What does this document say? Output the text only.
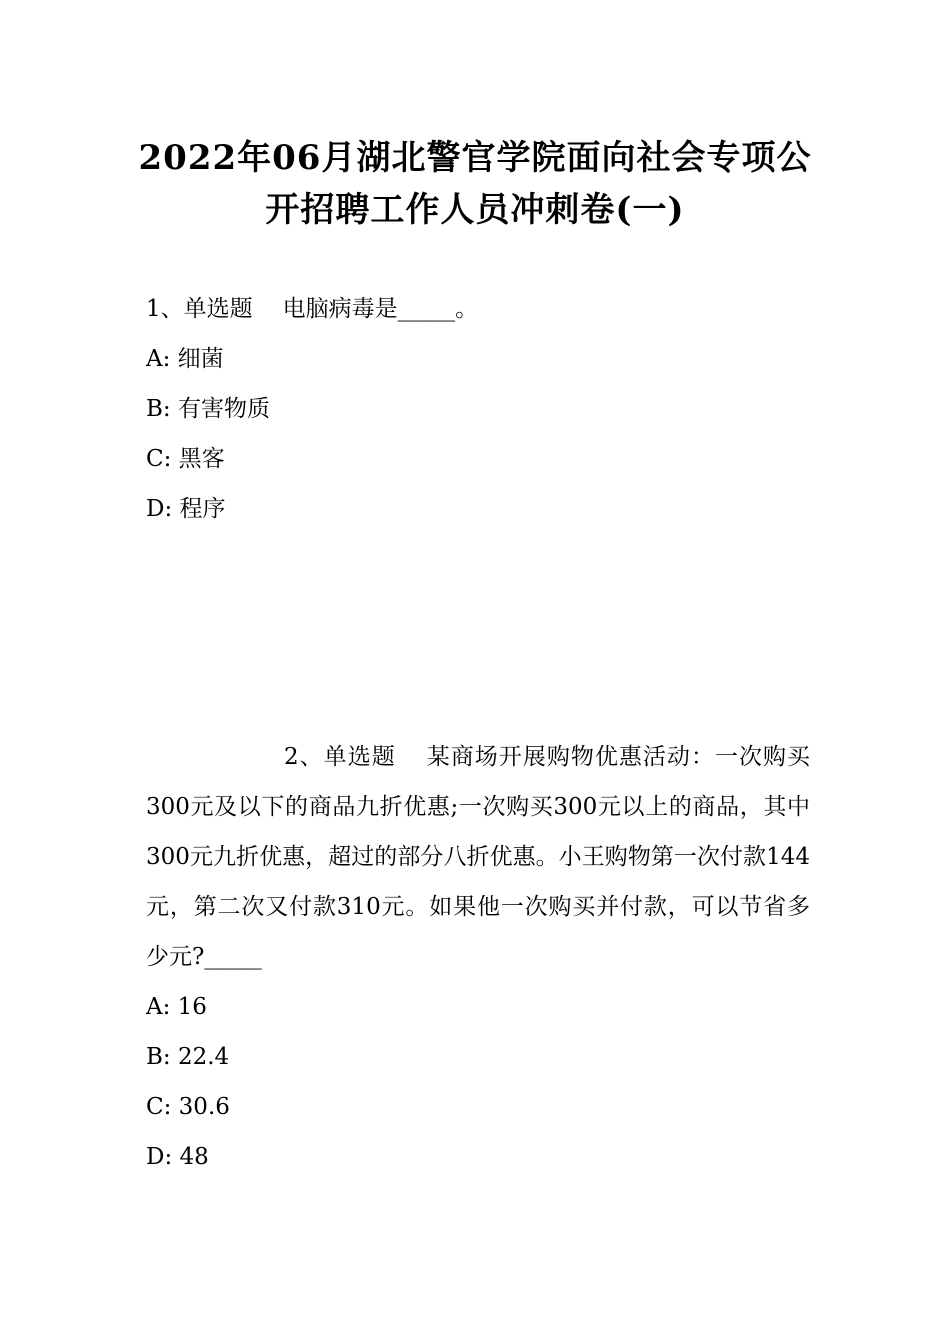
2022年06月湖北警官学院面向社会专项公
开招聘工作人员冲刺卷(一)

1、单选题 电脑病毒是_____。

A: 细菌

B: 有害物质

C: 黑客

D: 程序

2、单选题 某商场开展购物优惠活动：一次购买300元及以下的商品九折优惠;一次购买300元以上的商品，其中300元九折优惠，超过的部分八折优惠。小王购物第一次付款144元，第二次又付款310元。如果他一次购买并付款，可以节省多少元?_____

A: 16

B: 22.4

C: 30.6

D: 48
